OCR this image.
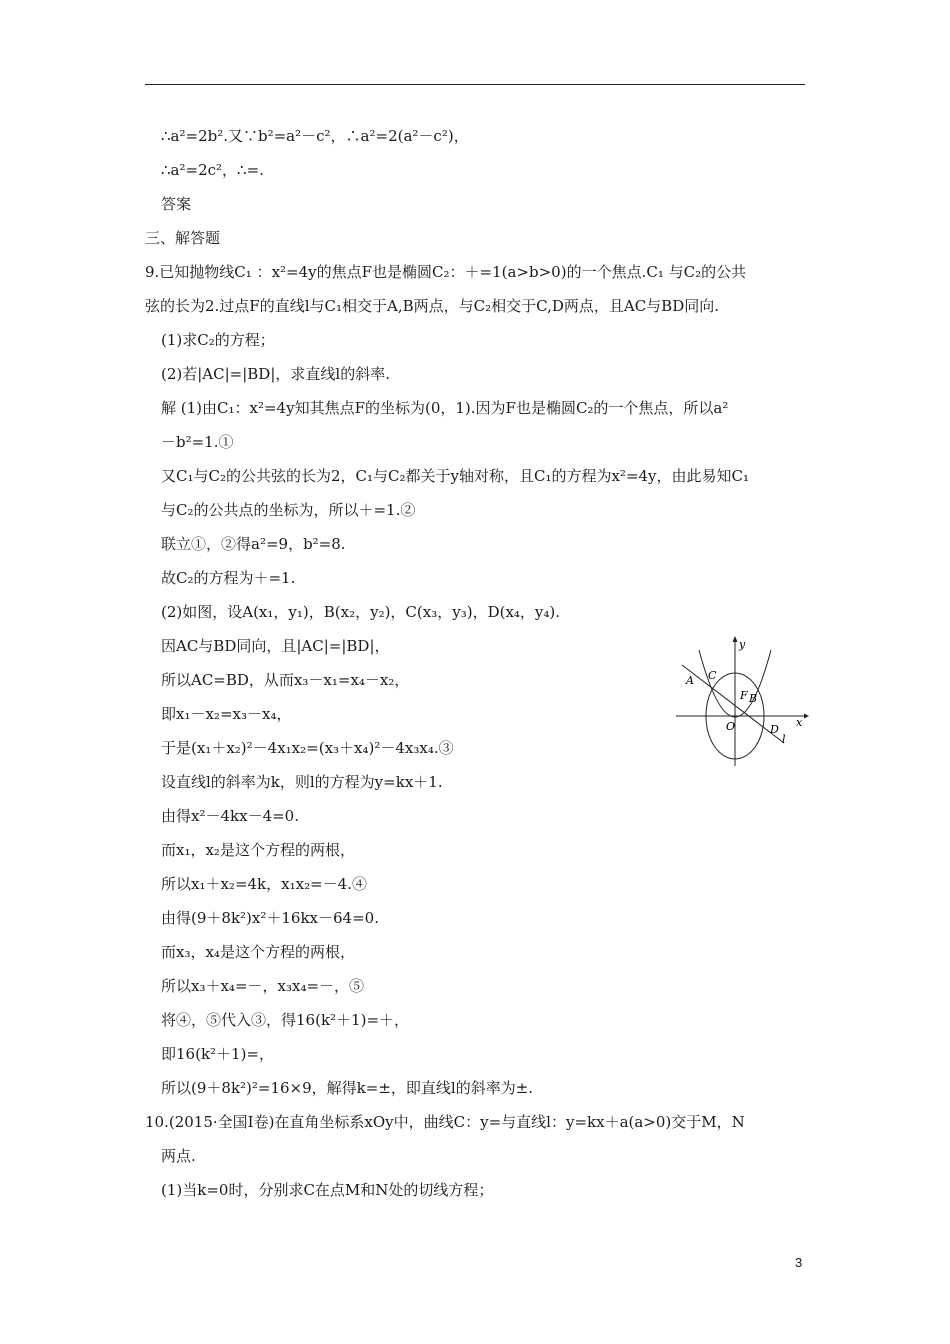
∴a²=2b².又∵b²=a²－c²，∴a²=2(a²－c²)，
∴a²=2c²，∴=.
答案
三、解答题
9.已知抛物线C₁ ：x²=4y的焦点F也是椭圆C₂：＋=1(a>b>0)的一个焦点.C₁ 与C₂的公共
弦的长为2.过点F的直线l与C₁相交于A,B两点，与C₂相交于C,D两点，且AC与BD同向.
(1)求C₂的方程；
(2)若|AC|=|BD|，求直线l的斜率.
解 (1)由C₁：x²=4y知其焦点F的坐标为(0，1).因为F也是椭圆C₂的一个焦点，所以a²
－b²=1.①
又C₁与C₂的公共弦的长为2，C₁与C₂都关于y轴对称，且C₁的方程为x²=4y，由此易知C₁
与C₂的公共点的坐标为，所以＋=1.②
联立①，②得a²=9，b²=8.
故C₂的方程为＋=1.
(2)如图，设A(x₁，y₁)，B(x₂，y₂)，C(x₃，y₃)，D(x₄，y₄).
因AC与BD同向，且|AC|=|BD|，
所以AC=BD，从而x₃－x₁=x₄－x₂，
即x₁－x₂=x₃－x₄，
于是(x₁＋x₂)²－4x₁x₂=(x₃＋x₄)²－4x₃x₄.③
设直线l的斜率为k，则l的方程为y=kx＋1.
由得x²－4kx－4=0.
而x₁，x₂是这个方程的两根，
所以x₁＋x₂=4k，x₁x₂=－4.④
由得(9＋8k²)x²＋16kx－64=0.
而x₃，x₄是这个方程的两根，
所以x₃＋x₄=－，x₃x₄=－，⑤
将④，⑤代入③，得16(k²＋1)=＋，
即16(k²＋1)=，
所以(9＋8k²)²=16×9，解得k=±，即直线l的斜率为±.
10.(2015·全国Ⅰ卷)在直角坐标系xOy中，曲线C：y=与直线l：y=kx＋a(a>0)交于M，N
两点.
(1)当k=0时，分别求C在点M和N处的切线方程；
y
x
O
A C
F B
D
l
3
